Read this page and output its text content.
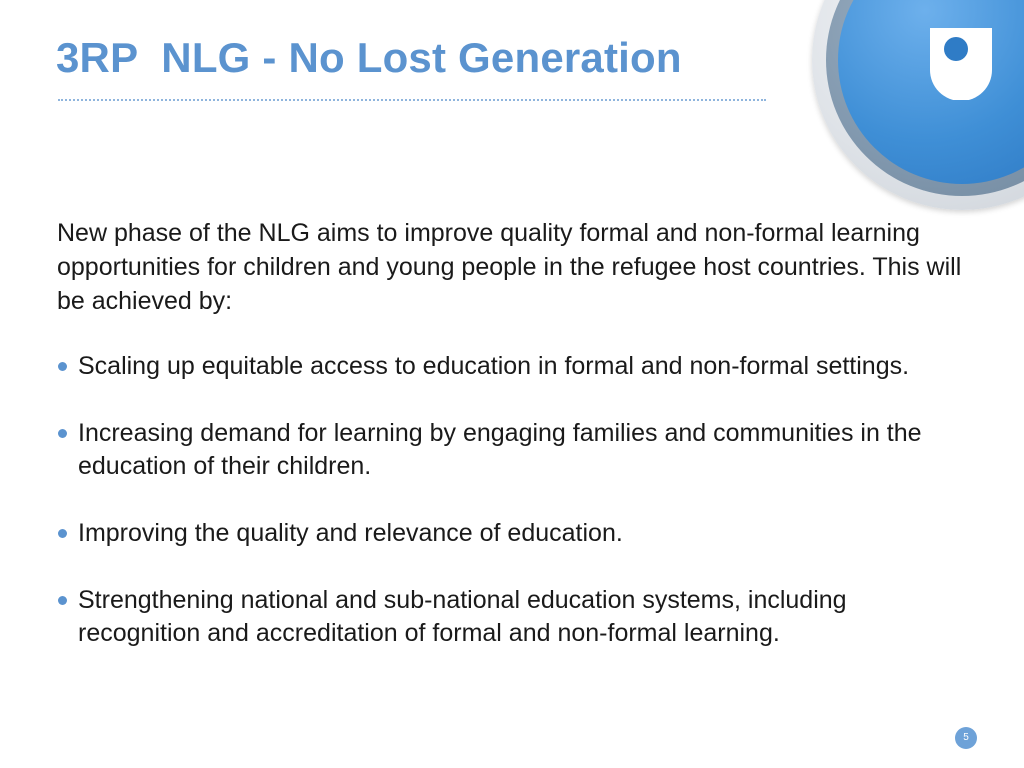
3RP  NLG - No Lost Generation

New phase of the NLG aims to improve quality formal and non-formal learning opportunities for children and young people in the refugee host countries. This will be achieved by:

Scaling up equitable access to education in formal and non-formal settings.
Increasing demand for learning by engaging families and communities in the education of their children.
Improving the quality and relevance of education.
Strengthening national and sub-national education systems, including recognition and accreditation of formal and non-formal learning.
5
